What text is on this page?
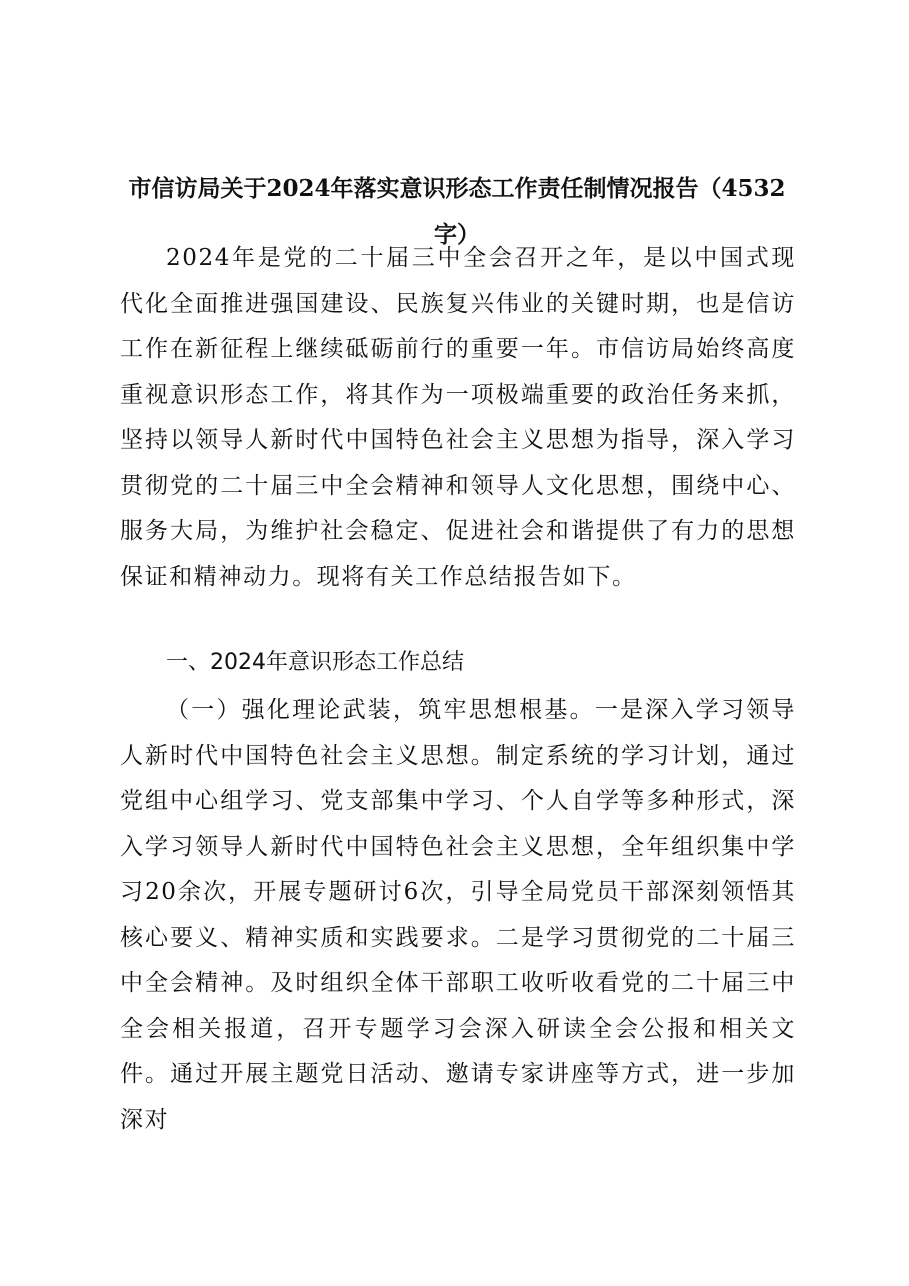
市信访局关于2024年落实意识形态工作责任制情况报告（4532字）
2024年是党的二十届三中全会召开之年，是以中国式现代化全面推进强国建设、民族复兴伟业的关键时期，也是信访工作在新征程上继续砥砺前行的重要一年。市信访局始终高度重视意识形态工作，将其作为一项极端重要的政治任务来抓，坚持以领导人新时代中国特色社会主义思想为指导，深入学习贯彻党的二十届三中全会精神和领导人文化思想，围绕中心、服务大局，为维护社会稳定、促进社会和谐提供了有力的思想保证和精神动力。现将有关工作总结报告如下。
一、2024年意识形态工作总结
（一）强化理论武装，筑牢思想根基。一是深入学习领导人新时代中国特色社会主义思想。制定系统的学习计划，通过党组中心组学习、党支部集中学习、个人自学等多种形式，深入学习领导人新时代中国特色社会主义思想，全年组织集中学习20余次，开展专题研讨6次，引导全局党员干部深刻领悟其核心要义、精神实质和实践要求。二是学习贯彻党的二十届三中全会精神。及时组织全体干部职工收听收看党的二十届三中全会相关报道，召开专题学习会深入研读全会公报和相关文件。通过开展主题党日活动、邀请专家讲座等方式，进一步加深对
